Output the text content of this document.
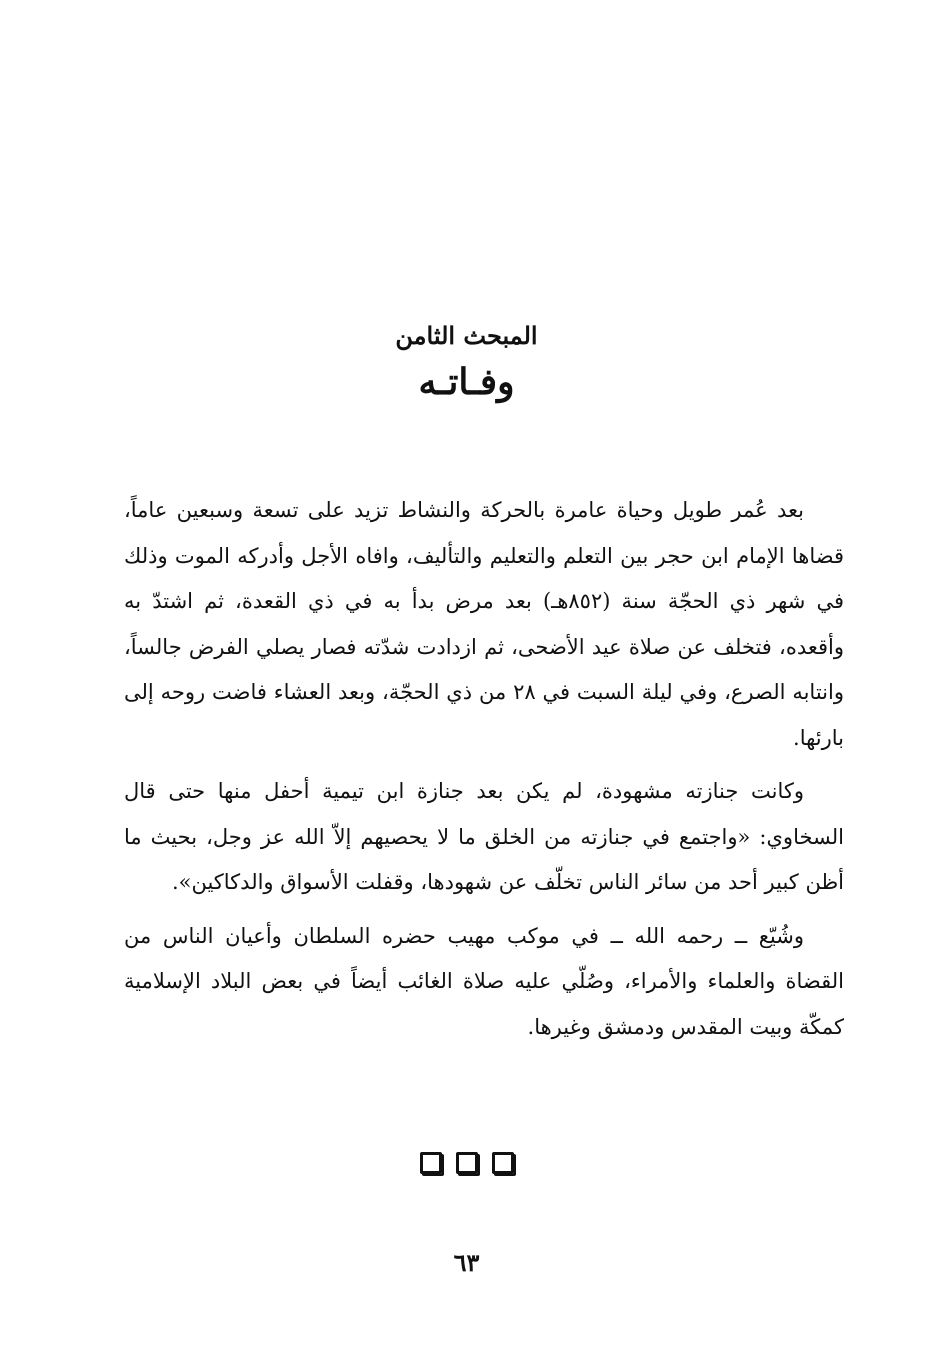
المبحث الثامن
وفـاتـه

بعد عُمر طويل وحياة عامرة بالحركة والنشاط تزيد على تسعة وسبعين عاماً، قضاها الإمام ابن حجر بين التعلم والتعليم والتأليف، وافاه الأجل وأدركه الموت وذلك في شهر ذي الحجّة سنة (٨٥٢هـ) بعد مرض بدأ به في ذي القعدة، ثم اشتدّ به وأقعده، فتخلف عن صلاة عيد الأضحى، ثم ازدادت شدّته فصار يصلي الفرض جالساً، وانتابه الصرع، وفي ليلة السبت في ٢٨ من ذي الحجّة، وبعد العشاء فاضت روحه إلى بارئها.

وكانت جنازته مشهودة، لم يكن بعد جنازة ابن تيمية أحفل منها حتى قال السخاوي: «واجتمع في جنازته من الخلق ما لا يحصيهم إلاّ الله عز وجل، بحيث ما أظن كبير أحد من سائر الناس تخلّف عن شهودها، وقفلت الأسواق والدكاكين».

وشُيّع ــ رحمه الله ــ في موكب مهيب حضره السلطان وأعيان الناس من القضاة والعلماء والأمراء، وصُلّي عليه صلاة الغائب أيضاً في بعض البلاد الإسلامية كمكّة وبيت المقدس ودمشق وغيرها.

٦٣
